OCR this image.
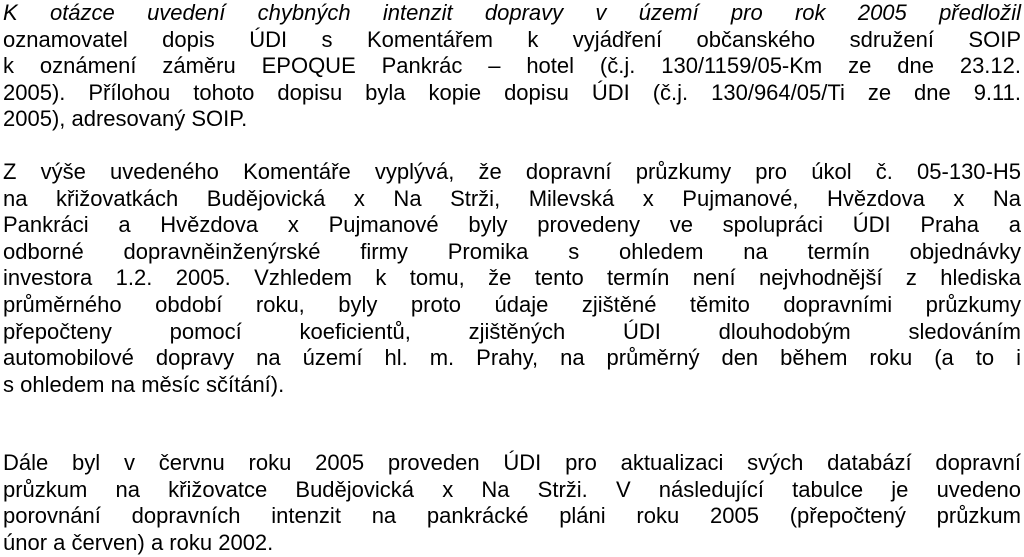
K otázce uvedení chybných intenzit dopravy v území pro rok 2005 předložil
oznamovatel dopis ÚDI s Komentářem k vyjádření občanského sdružení SOIP
k oznámení záměru EPOQUE Pankrác – hotel (č.j. 130/1159/05-Km ze dne 23.12.
2005). Přílohou tohoto dopisu byla kopie dopisu ÚDI (č.j. 130/964/05/Ti ze dne 9.11.
2005), adresovaný SOIP.
Z výše uvedeného Komentáře vyplývá, že dopravní průzkumy pro úkol č. 05-130-H5
na křižovatkách Budějovická x Na Strži, Milevská x Pujmanové, Hvězdova x Na
Pankráci a Hvězdova x Pujmanové byly provedeny ve spolupráci ÚDI Praha a
odborné dopravněinženýrské firmy Promika s ohledem na termín objednávky
investora 1.2. 2005. Vzhledem k tomu, že tento termín není nejvhodnější z hlediska
průměrného období roku, byly proto údaje zjištěné těmito dopravními průzkumy
přepočteny pomocí koeficientů, zjištěných ÚDI dlouhodobým sledováním
automobilové dopravy na území hl. m. Prahy, na průměrný den během roku (a to i
s ohledem na měsíc sčítání).
Dále byl v červnu roku 2005 proveden ÚDI pro aktualizaci svých databází dopravní
průzkum na křižovatce Budějovická x Na Strži. V následující tabulce je uvedeno
porovnání dopravních intenzit na pankrácké pláni roku 2005 (přepočtený průzkum
únor a červen) a roku 2002.
